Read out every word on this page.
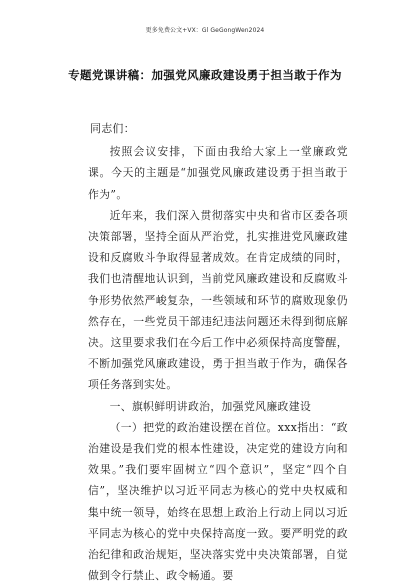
更多免费公文+VX：Gl GeGongWen2024
专题党课讲稿：加强党风廉政建设勇于担当敢于作为

同志们：

按照会议安排，下面由我给大家上一堂廉政党课。今天的主题是“加强党风廉政建设勇于担当敢于作为”。

近年来，我们深入贯彻落实中央和省市区委各项决策部署，坚持全面从严治党，扎实推进党风廉政建设和反腐败斗争取得显著成效。在肯定成绩的同时，我们也清醒地认识到，当前党风廉政建设和反腐败斗争形势依然严峻复杂，一些领域和环节的腐败现象仍然存在，一些党员干部违纪违法问题还未得到彻底解决。这里要求我们在今后工作中必须保持高度警醒，不断加强党风廉政建设，勇于担当敢于作为，确保各项任务落到实处。

一、旗帜鲜明讲政治，加强党风廉政建设

（一）把党的政治建设摆在首位。xxx指出：“政治建设是我们党的根本性建设，决定党的建设方向和效果。”我们要牢固树立“四个意识”，坚定“四个自信”，坚决维护以习近平同志为核心的党中央权威和集中统一领导，始终在思想上政治上行动上同以习近平同志为核心的党中央保持高度一致。要严明党的政治纪律和政治规矩，坚决落实党中央决策部署，自觉做到令行禁止、政令畅通。要
